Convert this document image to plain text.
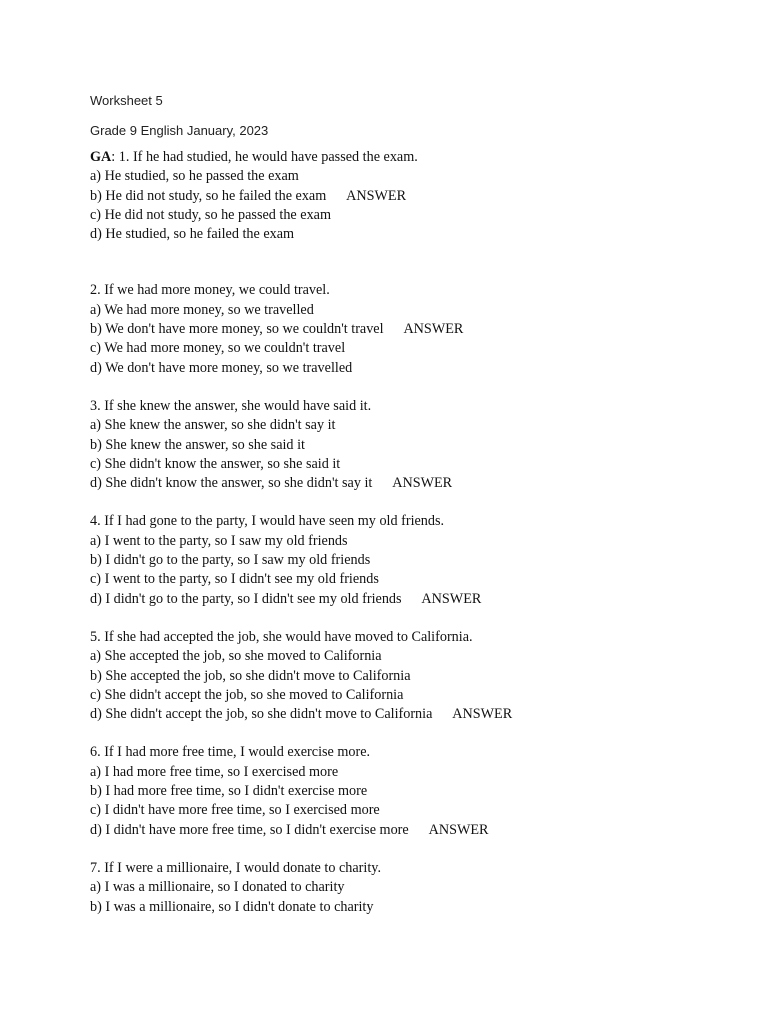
Worksheet 5

Grade 9 English January, 2023

GA: 1. If he had studied, he would have passed the exam.
a) He studied, so he passed the exam
b) He did not study, so he failed the exam ANSWER
c) He did not study, so he passed the exam
d) He studied, so he failed the exam
2. If we had more money, we could travel.
a) We had more money, so we travelled
b) We don't have more money, so we couldn't travel ANSWER
c) We had more money, so we couldn't travel
d) We don't have more money, so we travelled
3. If she knew the answer, she would have said it.
a) She knew the answer, so she didn't say it
b) She knew the answer, so she said it
c) She didn't know the answer, so she said it
d) She didn't know the answer, so she didn't say it ANSWER
4. If I had gone to the party, I would have seen my old friends.
a) I went to the party, so I saw my old friends
b) I didn't go to the party, so I saw my old friends
c) I went to the party, so I didn't see my old friends
d) I didn't go to the party, so I didn't see my old friends ANSWER
5. If she had accepted the job, she would have moved to California.
a) She accepted the job, so she moved to California
b) She accepted the job, so she didn't move to California
c) She didn't accept the job, so she moved to California
d) She didn't accept the job, so she didn't move to California ANSWER
6. If I had more free time, I would exercise more.
a) I had more free time, so I exercised more
b) I had more free time, so I didn't exercise more
c) I didn't have more free time, so I exercised more
d) I didn't have more free time, so I didn't exercise more ANSWER
7. If I were a millionaire, I would donate to charity.
a) I was a millionaire, so I donated to charity
b) I was a millionaire, so I didn't donate to charity
